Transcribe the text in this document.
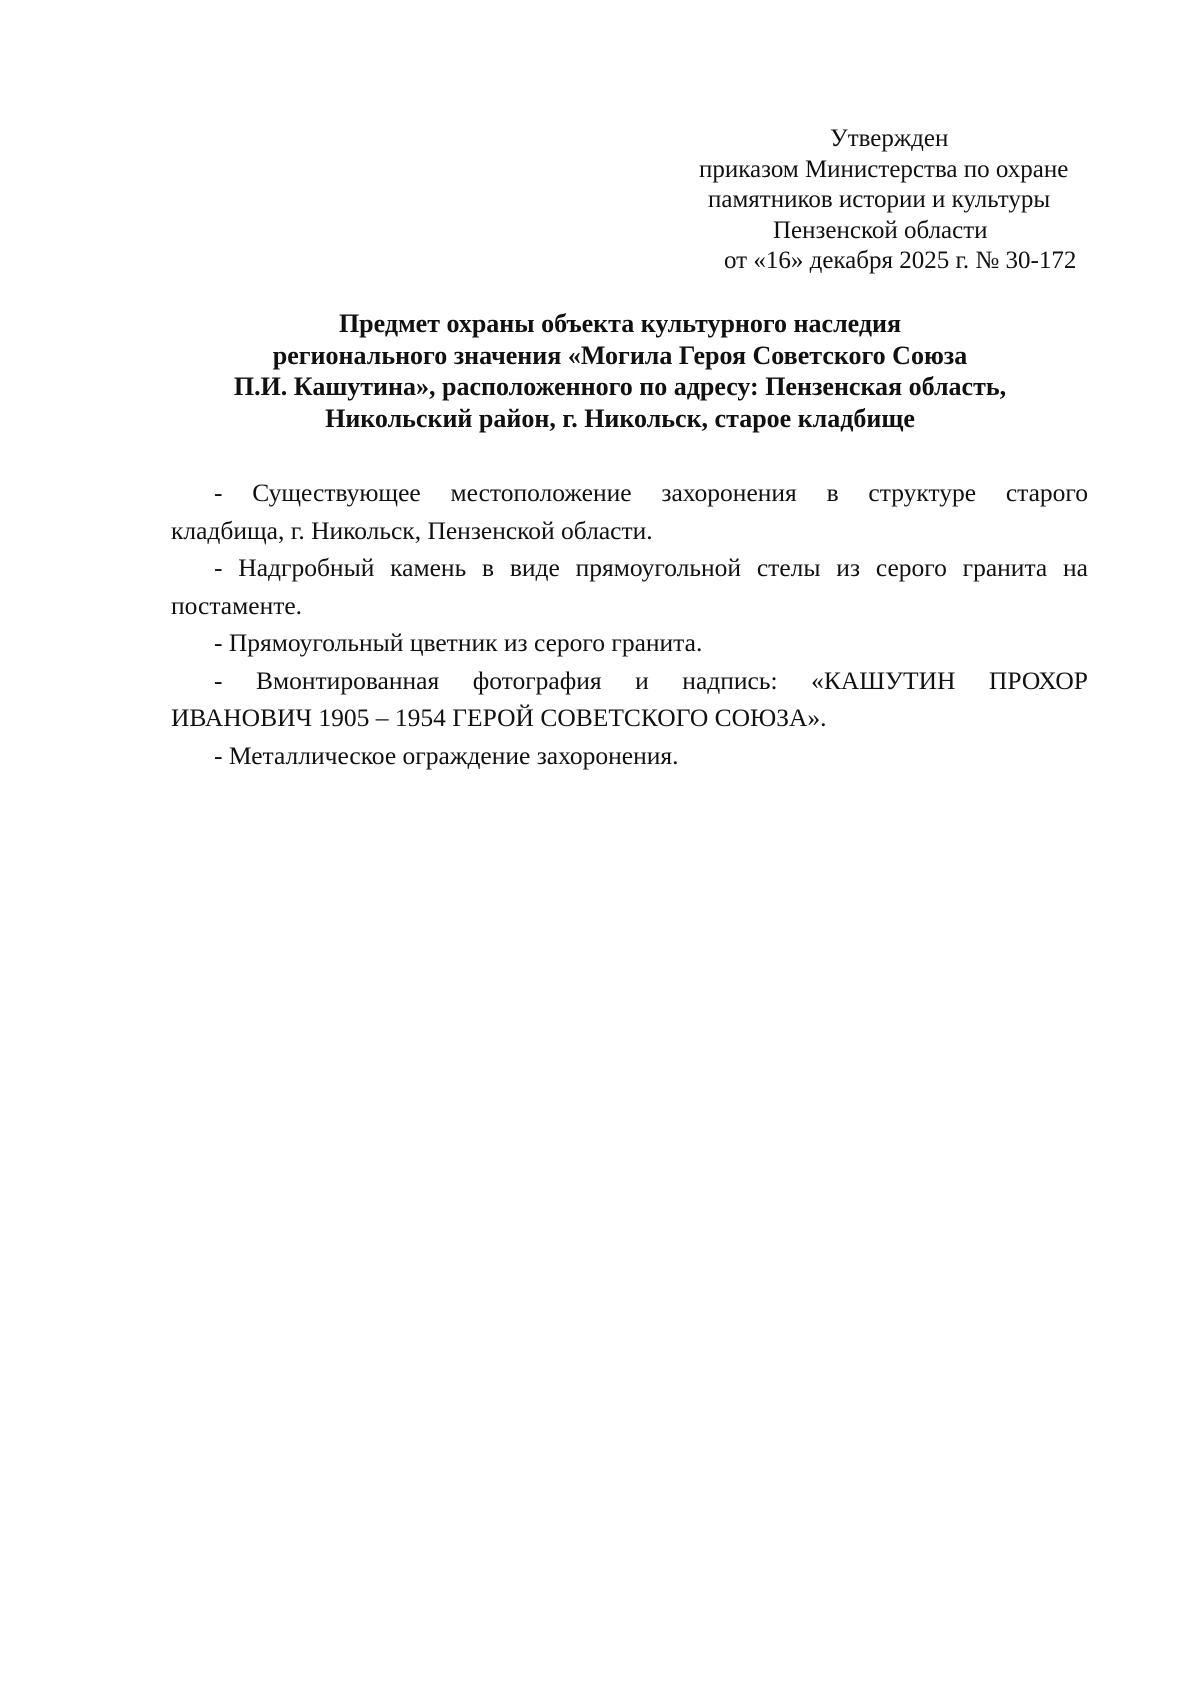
Утвержден
приказом Министерства по охране
памятников истории и культуры
Пензенской области
от «16» декабря 2025 г. № 30-172
Предмет охраны объекта культурного наследия
регионального значения «Могила Героя Советского Союза
П.И. Кашутина», расположенного по адресу: Пензенская область,
Никольский район, г. Никольск, старое кладбище

- Существующее местоположение захоронения в структуре старого
кладбища, г. Никольск, Пензенской области.

- Надгробный камень в виде прямоугольной стелы из серого гранита на
постаменте.

- Прямоугольный цветник из серого гранита.

- Вмонтированная фотография и надпись: «КАШУТИН ПРОХОР
ИВАНОВИЧ 1905 – 1954 ГЕРОЙ СОВЕТСКОГО СОЮЗА».

- Металлическое ограждение захоронения.
